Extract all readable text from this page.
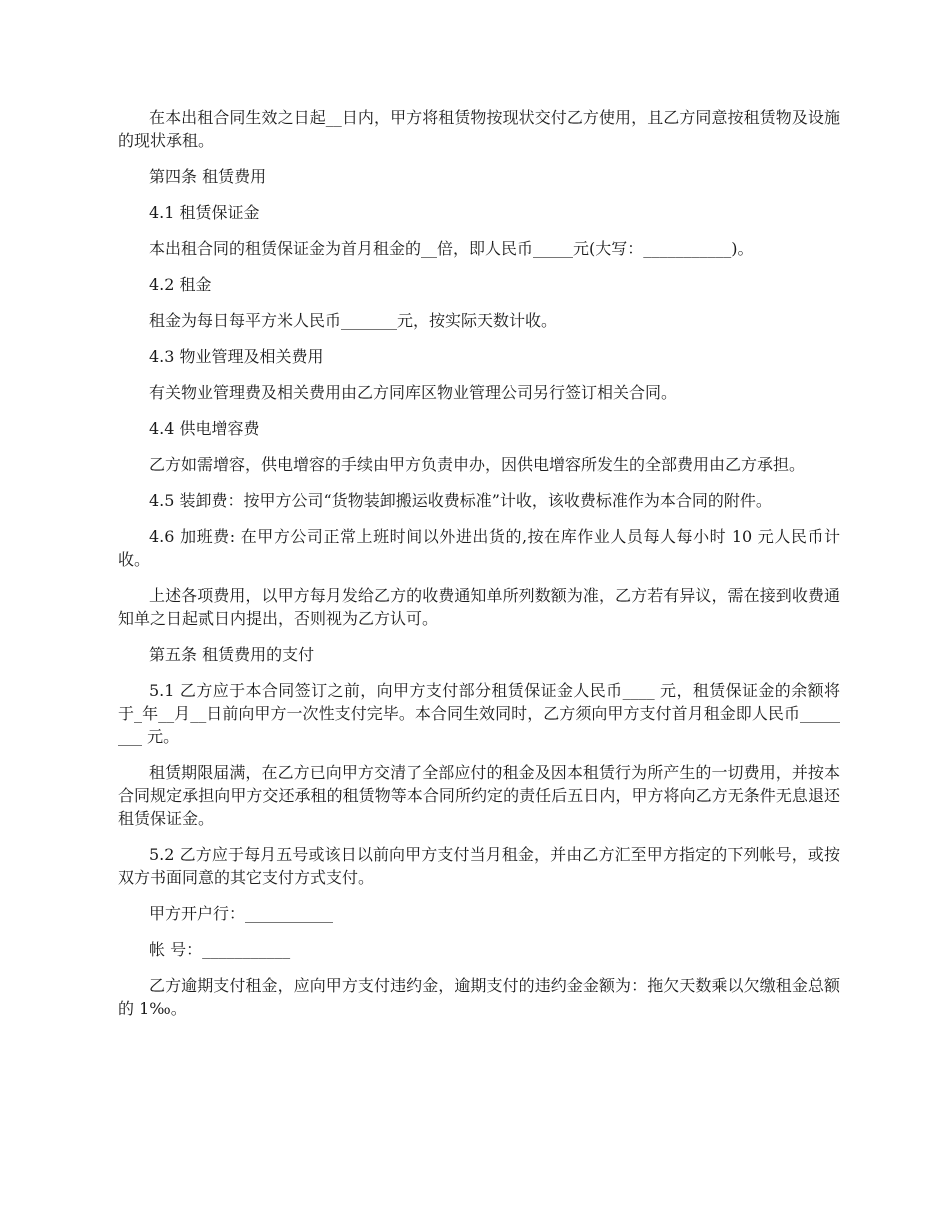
在本出租合同生效之日起__日内，甲方将租赁物按现状交付乙方使用，且乙方同意按租赁物及设施的现状承租。

第四条 租赁费用

4.1 租赁保证金

本出租合同的租赁保证金为首月租金的__倍，即人民币_____元(大写：___________)。

4.2 租金

租金为每日每平方米人民币_______元，按实际天数计收。

4.3 物业管理及相关费用

有关物业管理费及相关费用由乙方同库区物业管理公司另行签订相关合同。

4.4 供电增容费

乙方如需增容，供电增容的手续由甲方负责申办，因供电增容所发生的全部费用由乙方承担。

4.5 装卸费：按甲方公司“货物装卸搬运收费标准”计收，该收费标准作为本合同的附件。

4.6 加班费: 在甲方公司正常上班时间以外进出货的,按在库作业人员每人每小时 10 元人民币计收。

上述各项费用，以甲方每月发给乙方的收费通知单所列数额为准，乙方若有异议，需在接到收费通知单之日起贰日内提出，否则视为乙方认可。

第五条 租赁费用的支付

5.1 乙方应于本合同签订之前，向甲方支付部分租赁保证金人民币____ 元，租赁保证金的余额将于_年__月__日前向甲方一次性支付完毕。本合同生效同时，乙方须向甲方支付首月租金即人民币________ 元。

租赁期限届满，在乙方已向甲方交清了全部应付的租金及因本租赁行为所产生的一切费用，并按本合同规定承担向甲方交还承租的租赁物等本合同所约定的责任后五日内，甲方将向乙方无条件无息退还租赁保证金。

5.2 乙方应于每月五号或该日以前向甲方支付当月租金，并由乙方汇至甲方指定的下列帐号，或按双方书面同意的其它支付方式支付。

甲方开户行：___________

帐 号：___________

乙方逾期支付租金，应向甲方支付违约金，逾期支付的违约金金额为：拖欠天数乘以欠缴租金总额的 1‰。
